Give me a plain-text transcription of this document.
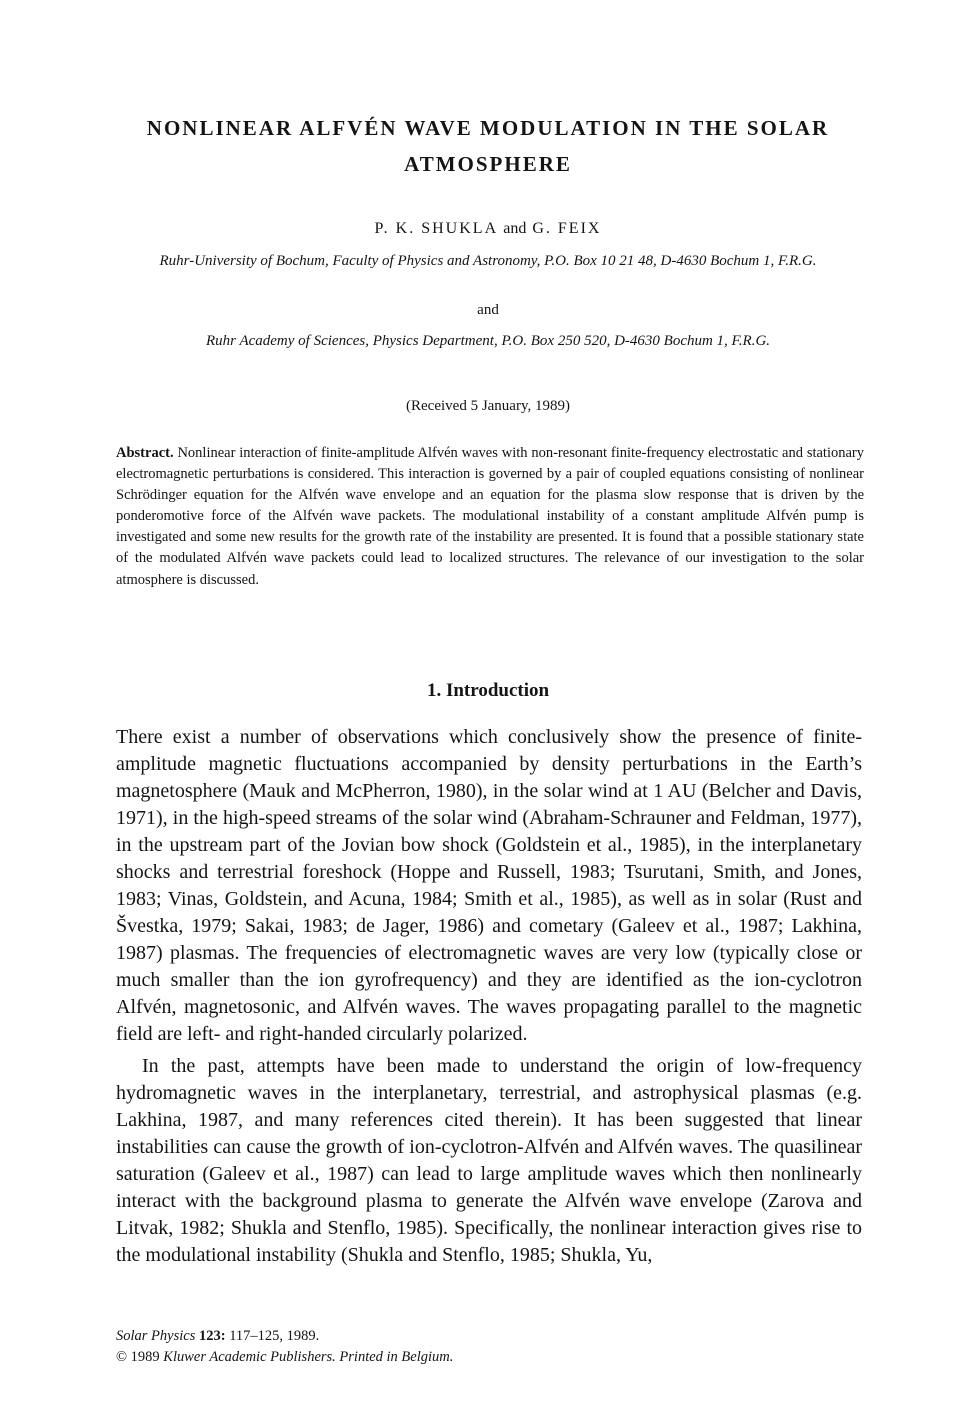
NONLINEAR ALFVÉN WAVE MODULATION IN THE SOLAR
ATMOSPHERE
P. K. SHUKLA and G. FEIX
Ruhr-University of Bochum, Faculty of Physics and Astronomy, P.O. Box 10 21 48, D-4630 Bochum 1, F.R.G.
and
Ruhr Academy of Sciences, Physics Department, P.O. Box 250 520, D-4630 Bochum 1, F.R.G.
(Received 5 January, 1989)
Abstract. Nonlinear interaction of finite-amplitude Alfvén waves with non-resonant finite-frequency electrostatic and stationary electromagnetic perturbations is considered. This interaction is governed by a pair of coupled equations consisting of nonlinear Schrödinger equation for the Alfvén wave envelope and an equation for the plasma slow response that is driven by the ponderomotive force of the Alfvén wave packets. The modulational instability of a constant amplitude Alfvén pump is investigated and some new results for the growth rate of the instability are presented. It is found that a possible stationary state of the modulated Alfvén wave packets could lead to localized structures. The relevance of our investigation to the solar atmosphere is discussed.
1. Introduction

There exist a number of observations which conclusively show the presence of finite-amplitude magnetic fluctuations accompanied by density perturbations in the Earth’s magnetosphere (Mauk and McPherron, 1980), in the solar wind at 1 AU (Belcher and Davis, 1971), in the high-speed streams of the solar wind (Abraham-Schrauner and Feldman, 1977), in the upstream part of the Jovian bow shock (Goldstein et al., 1985), in the interplanetary shocks and terrestrial foreshock (Hoppe and Russell, 1983; Tsurutani, Smith, and Jones, 1983; Vinas, Goldstein, and Acuna, 1984; Smith et al., 1985), as well as in solar (Rust and Švestka, 1979; Sakai, 1983; de Jager, 1986) and cometary (Galeev et al., 1987; Lakhina, 1987) plasmas. The frequencies of electromagnetic waves are very low (typically close or much smaller than the ion gyrofrequency) and they are identified as the ion-cyclotron Alfvén, magnetosonic, and Alfvén waves. The waves propagating parallel to the magnetic field are left- and right-handed circularly polarized.

In the past, attempts have been made to understand the origin of low-frequency hydromagnetic waves in the interplanetary, terrestrial, and astrophysical plasmas (e.g. Lakhina, 1987, and many references cited therein). It has been suggested that linear instabilities can cause the growth of ion-cyclotron-Alfvén and Alfvén waves. The quasilinear saturation (Galeev et al., 1987) can lead to large amplitude waves which then nonlinearly interact with the background plasma to generate the Alfvén wave envelope (Zarova and Litvak, 1982; Shukla and Stenflo, 1985). Specifically, the nonlinear interaction gives rise to the modulational instability (Shukla and Stenflo, 1985; Shukla, Yu,

Solar Physics 123: 117–125, 1989.
© 1989 Kluwer Academic Publishers. Printed in Belgium.
